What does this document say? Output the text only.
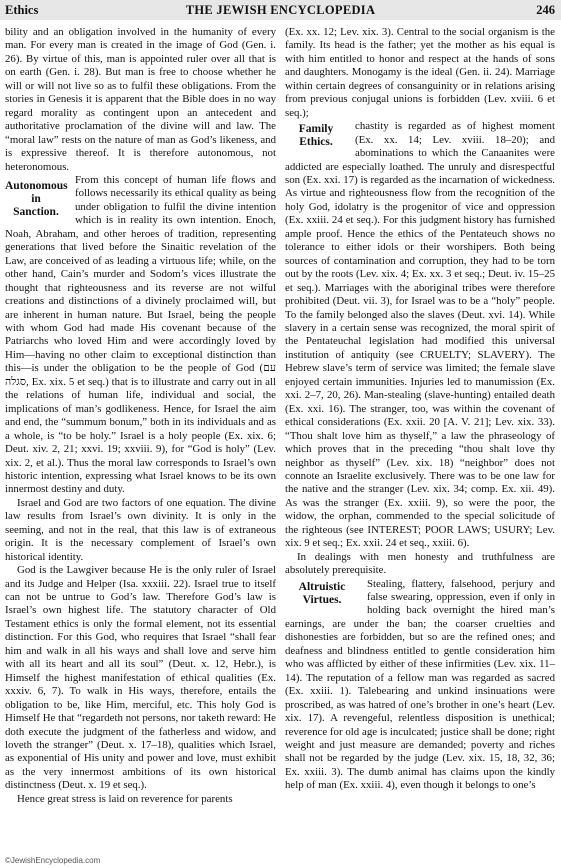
Ethics	THE JEWISH ENCYCLOPEDIA	246

bility and an obligation involved in the humanity of every man. For every man is created in the image of God (Gen. i. 26). By virtue of this, man is appointed ruler over all that is on earth (Gen. i. 28). But man is free to choose whether he will or will not live so as to fulfil these obligations. From the stories in Genesis it is apparent that the Bible does in no way regard morality as contingent upon an antecedent and authoritative proclamation of the divine will and law. The “moral law” rests on the nature of man as God’s likeness, and is expressive thereof. It is therefore autonomous, not heteronomous.

Autonomous in
Sanction.

From this concept of human life flows and follows necessarily its ethical quality as being under obligation to fulfil the divine intention which is in reality its own intention. Enoch, Noah, Abraham, and other heroes of tradition, representing generations that lived before the Sinaitic revelation of the Law, are conceived of as leading a virtuous life; while, on the other hand, Cain’s murder and Sodom’s vices illustrate the thought that righteousness and its reverse are not wilful creations and distinctions of a divinely proclaimed will, but are inherent in human nature. But Israel, being the people with whom God had made His covenant because of the Patriarchs who loved Him and were accordingly loved by Him—having no other claim to exceptional distinction than this—is under the obligation to be the people of God (עם סגלה, Ex. xix. 5 et seq.) that is to illustrate and carry out in all the relations of human life, individual and social, the implications of man’s godlikeness. Hence, for Israel the aim and end, the “summum bonum,” both in its individuals and as a whole, is “to be holy.” Israel is a holy people (Ex. xix. 6; Deut. xiv. 2, 21; xxvi. 19; xxviii. 9), for “God is holy” (Lev. xix. 2, et al.). Thus the moral law corresponds to Israel’s own historic intention, expressing what Israel knows to be its own innermost destiny and duty.

Israel and God are two factors of one equation. The divine law results from Israel’s own divinity. It is only in the seeming, and not in the real, that this law is of extraneous origin. It is the necessary complement of Israel’s own historical identity.

God is the Lawgiver because He is the only ruler of Israel and its Judge and Helper (Isa. xxxiii. 22). Israel true to itself can not be untrue to God’s law. Therefore God’s law is Israel’s own highest life. The statutory character of Old Testament ethics is only the formal element, not its essential distinction. For this God, who requires that Israel “shall fear him and walk in all his ways and shall love and serve him with all its heart and all its soul” (Deut. x. 12, Hebr.), is Himself the highest manifestation of ethical qualities (Ex. xxxiv. 6, 7). To walk in His ways, therefore, entails the obligation to be, like Him, merciful, etc. This holy God is Himself He that “regardeth not persons, nor taketh reward: He doth execute the judgment of the fatherless and widow, and loveth the stranger” (Deut. x. 17–18), qualities which Israel, as exponential of His unity and power and love, must exhibit as the very innermost ambitions of its own historical distinctness (Deut. x. 19 et seq.).

Hence great stress is laid on reverence for parents

(Ex. xx. 12; Lev. xix. 3). Central to the social organism is the family. Its head is the father; yet the mother as his equal is with him entitled to honor and respect at the hands of sons and daughters. Monogamy is the ideal (Gen. ii. 24). Marriage within certain degrees of consanguinity or in relations arising from previous conjugal unions is forbidden (Lev. xviii. 6 et seq.);

Family
Ethics.

chastity is regarded as of highest moment (Ex. xx. 14; Lev. xviii. 18–20); and abominations to which the Canaanites were addicted are especially loathed. The unruly and disrespectful son (Ex. xxi. 17) is regarded as the incarnation of wickedness. As virtue and righteousness flow from the recognition of the holy God, idolatry is the progenitor of vice and oppression (Ex. xxiii. 24 et seq.). For this judgment history has furnished ample proof. Hence the ethics of the Pentateuch shows no tolerance to either idols or their worshipers. Both being sources of contamination and corruption, they had to be torn out by the roots (Lev. xix. 4; Ex. xx. 3 et seq.; Deut. iv. 15–25 et seq.). Marriages with the aboriginal tribes were therefore prohibited (Deut. vii. 3), for Israel was to be a “holy” people. To the family belonged also the slaves (Deut. xvi. 14). While slavery in a certain sense was recognized, the moral spirit of the Pentateuchal legislation had modified this universal institution of antiquity (see CRUELTY; SLAVERY). The Hebrew slave’s term of service was limited; the female slave enjoyed certain immunities. Injuries led to manumission (Ex. xxi. 2–7, 20, 26). Man-stealing (slave-hunting) entailed death (Ex. xxi. 16). The stranger, too, was within the covenant of ethical considerations (Ex. xxii. 20 [A. V. 21]; Lev. xix. 33). “Thou shalt love him as thyself,” a law the phraseology of which proves that in the preceding “thou shalt love thy neighbor as thyself” (Lev. xix. 18) “neighbor” does not connote an Israelite exclusively. There was to be one law for the native and the stranger (Lev. xix. 34; comp. Ex. xii. 49). As was the stranger (Ex. xxiii. 9), so were the poor, the widow, the orphan, commended to the special solicitude of the righteous (see INTEREST; POOR LAWS; USURY; Lev. xix. 9 et seq.; Ex. xxii. 24 et seq., xxiii. 6).

In dealings with men honesty and truthfulness are absolutely prerequisite.

Altruistic
Virtues.

Stealing, flattery, falsehood, perjury and false swearing, oppression, even if only in holding back overnight the hired man’s earnings, are under the ban; the coarser cruelties and dishonesties are forbidden, but so are the refined ones; and deafness and blindness entitled to gentle consideration him who was afflicted by either of these infirmities (Lev. xix. 11–14). The reputation of a fellow man was regarded as sacred (Ex. xxiii. 1). Talebearing and unkind insinuations were proscribed, as was hatred of one’s brother in one’s heart (Lev. xix. 17). A revengeful, relentless disposition is unethical; reverence for old age is inculcated; justice shall be done; right weight and just measure are demanded; poverty and riches shall not be regarded by the judge (Lev. xix. 15, 18, 32, 36; Ex. xxiii. 3). The dumb animal has claims upon the kindly help of man (Ex. xxiii. 4), even though it belongs to one’s

©JewishEncyclopedia.com
